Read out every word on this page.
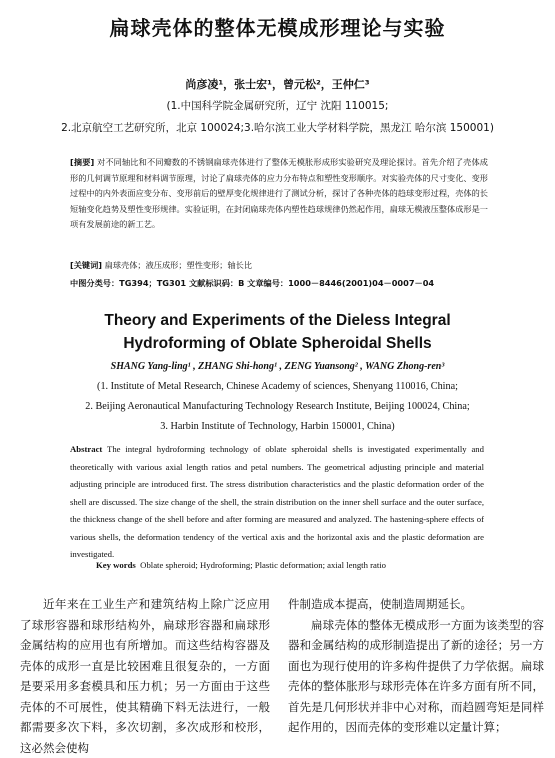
扁球壳体的整体无模成形理论与实验
尚彦凌¹，张士宏¹，曾元松²，王仲仁³
(1.中国科学院金属研究所，辽宁 沈阳 110015;
2.北京航空工艺研究所，北京 100024;3.哈尔滨工业大学材料学院，黑龙江 哈尔滨 150001)
[摘要] 对不同轴比和不同瓣数的不锈钢扁球壳体进行了整体无模胀形成形实验研究及理论探讨。首先介绍了壳体成形的几何调节原理和材料调节原理，讨论了扁球壳体的应力分布特点和塑性变形顺序。对实验壳体的尺寸变化、变形过程中的内外表面应变分布、变形前后的壁厚变化规律进行了测试分析，探讨了各种壳体的趋球变形过程，壳体的长短轴变化趋势及塑性变形规律。实验证明，在封闭扁球壳体内塑性趋球规律仍然起作用，扁球无模液压整体成形是一项有发展前途的新工艺。
[关键词] 扁球壳体；液压成形；塑性变形；轴长比
中图分类号：TG394；TG301 文献标识码：B 文章编号：1000－8446(2001)04－0007－04
Theory and Experiments of the Dieless Integral
Hydroforming of Oblate Spheroidal Shells
SHANG Yang-ling¹ , ZHANG Shi-hong¹ , ZENG Yuansong² , WANG Zhong-ren³
(1. Institute of Metal Research, Chinese Academy of sciences, Shenyang 110016, China;
2. Beijing Aeronautical Manufacturing Technology Research Institute, Beijing 100024, China;
3. Harbin Institute of Technology, Harbin 150001, China)
Abstract The integral hydroforming technology of oblate spheroidal shells is investigated experimentally and theoretically with various axial length ratios and petal numbers. The geometrical adjusting principle and material adjusting principle are introduced first. The stress distribution characteristics and the plastic deformation order of the shell are discussed. The size change of the shell, the strain distribution on the inner shell surface and the outer surface, the thickness change of the shell before and after forming are measured and analyzed. The hastening-sphere effects of various shells, the deformation tendency of the vertical axis and the horizontal axis and the plastic deformation are investigated.
Key words Oblate spheroid; Hydroforming; Plastic deformation; axial length ratio

近年来在工业生产和建筑结构上除广泛应用了球形容器和球形结构外，扁球形容器和扁球形金属结构的应用也有所增加。而这些结构容器及壳体的成形一直是比较困难且很复杂的，一方面是要采用多套模具和压力机；另一方面由于这些壳体的不可展性，使其精确下料无法进行，一般都需要多次下料，多次切割，多次成形和校形，这必然会使构

件制造成本提高，使制造周期延长。

扁球壳体的整体无模成形一方面为该类型的容器和金属结构的成形制造提出了新的途径；另一方面也为现行使用的许多构件提供了力学依据。扁球壳体的整体胀形与球形壳体在许多方面有所不同，首先是几何形状并非中心对称，而趋圆弯矩是同样起作用的，因而壳体的变形难以定量计算；
